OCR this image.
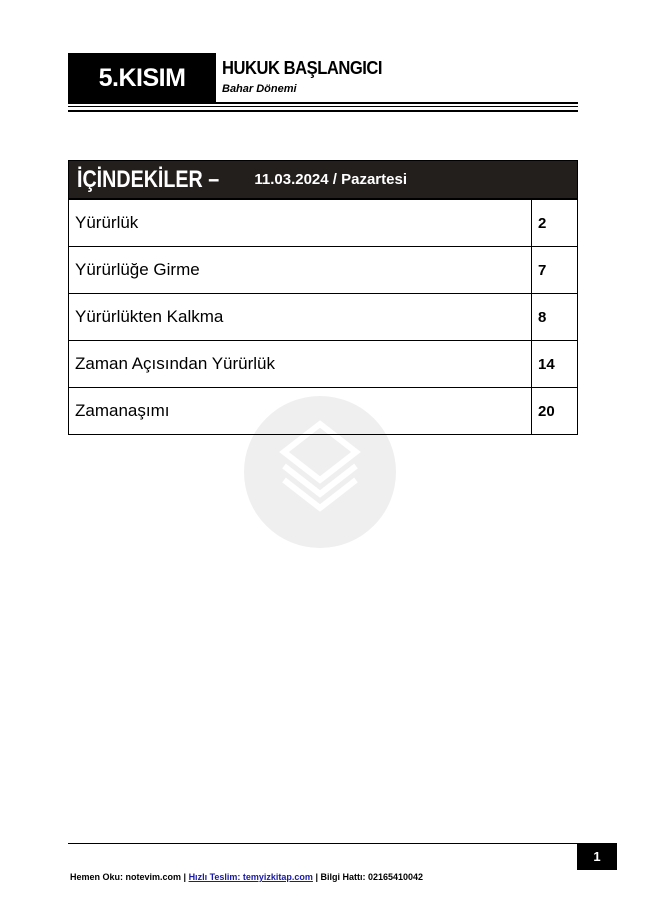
5.KISIM HUKUK BAŞLANGICI
Bahar Dönemi
İÇİNDEKİLER – 11.03.2024 / Pazartesi
Yürürlük	2
Yürürlüğe Girme	7
Yürürlükten Kalkma	8
Zaman Açısından Yürürlük	14
Zamanaşımı	20
1
Hemen Oku: notevim.com | Hızlı Teslim: temyizkitap.com | Bilgi Hattı: 02165410042
